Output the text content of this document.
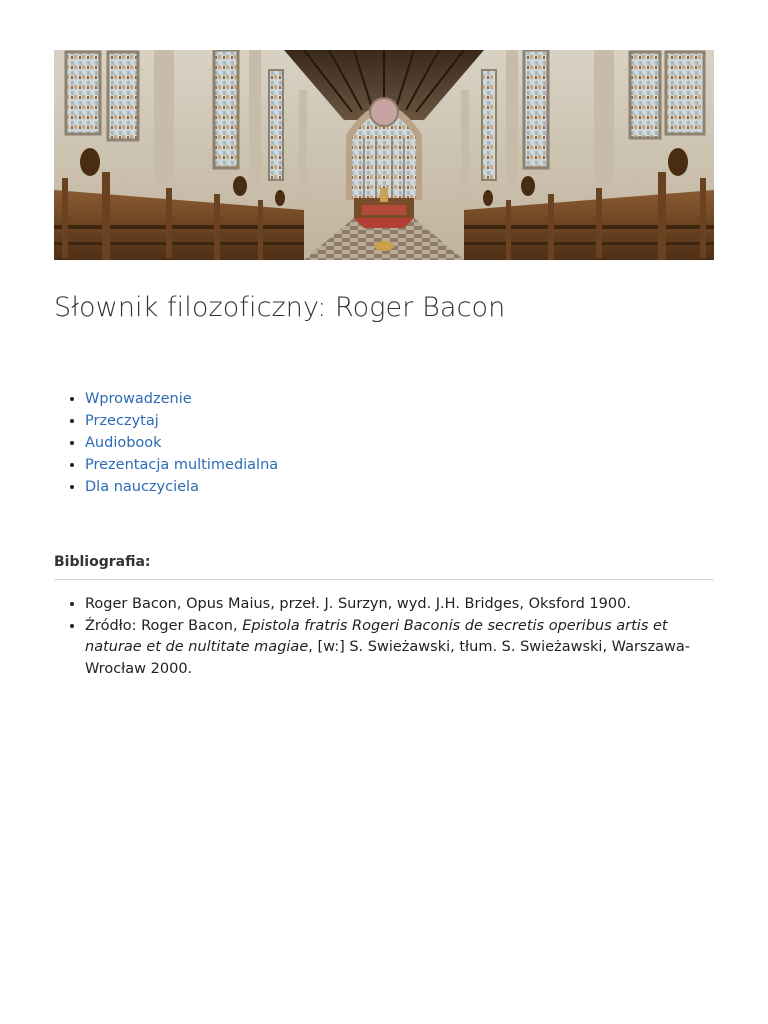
Słownik filozoficzny: Roger Bacon
• Wprowadzenie
• Przeczytaj
• Audiobook
• Prezentacja multimedialna
• Dla nauczyciela
Bibliografia:
• Roger Bacon, Opus Maius, przeł. J. Surzyn, wyd. J.H. Bridges, Oksford 1900.
• Źródło: Roger Bacon, Epistola fratris Rogeri Baconis de secretis operibus artis et naturae et de nultitate magiae, [w:] S. Swieżawski, tłum. S. Swieżawski, Warszawa-Wrocław 2000.
